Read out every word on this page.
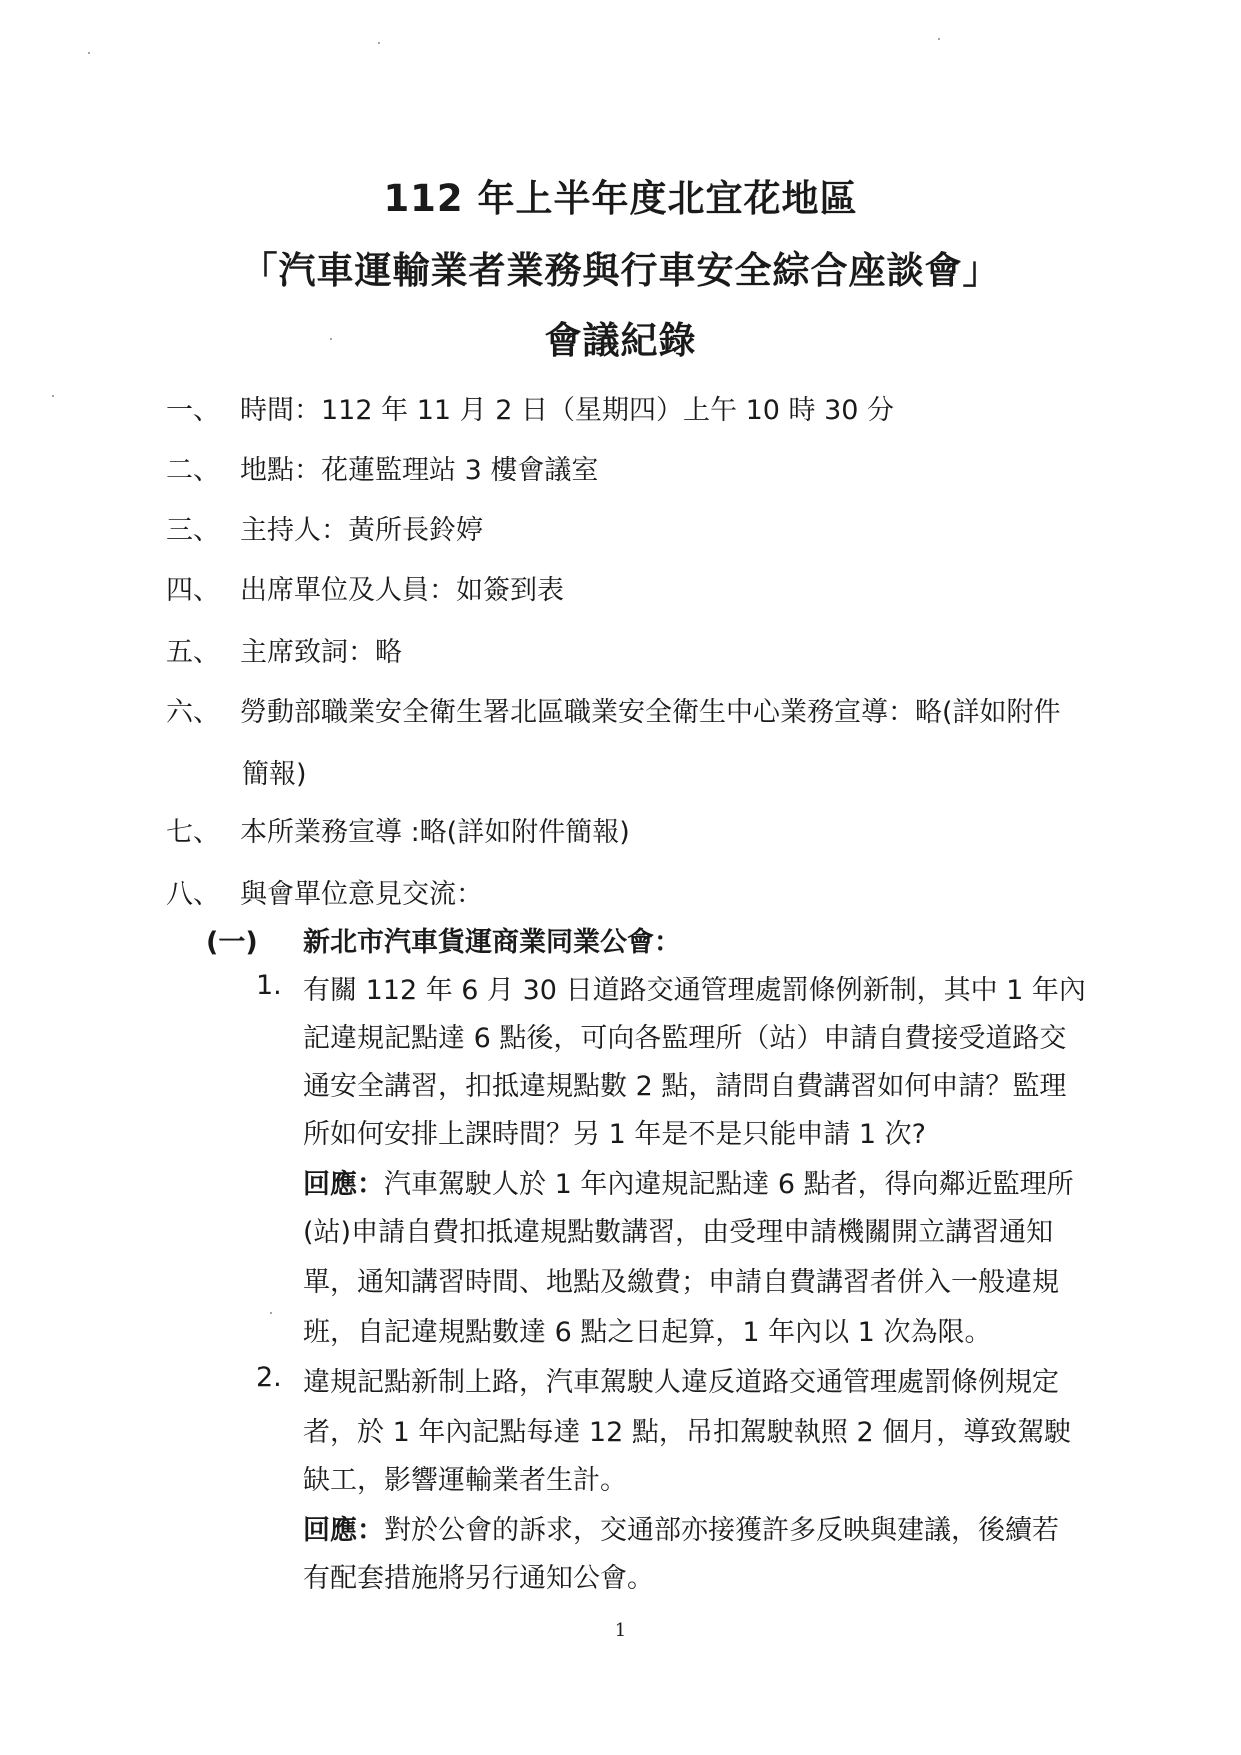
112 年上半年度北宜花地區
「汽車運輸業者業務與行車安全綜合座談會」
會議紀錄
一、 時間：112 年 11 月 2 日（星期四）上午 10 時 30 分
二、 地點：花蓮監理站 3 樓會議室
三、 主持人：黃所長鈴婷
四、 出席單位及人員：如簽到表
五、 主席致詞：略
六、 勞動部職業安全衛生署北區職業安全衛生中心業務宣導：略(詳如附件
簡報)
七、 本所業務宣導 :略(詳如附件簡報)
八、 與會單位意見交流：
(一) 新北市汽車貨運商業同業公會：
1. 有關 112 年 6 月 30 日道路交通管理處罰條例新制，其中 1 年內
記違規記點達 6 點後，可向各監理所（站）申請自費接受道路交
通安全講習，扣抵違規點數 2 點，請問自費講習如何申請？監理
所如何安排上課時間？另 1 年是不是只能申請 1 次?
回應：汽車駕駛人於 1 年內違規記點達 6 點者，得向鄰近監理所
(站)申請自費扣抵違規點數講習，由受理申請機關開立講習通知
單，通知講習時間、地點及繳費；申請自費講習者併入一般違規
班，自記違規點數達 6 點之日起算，1 年內以 1 次為限。
2. 違規記點新制上路，汽車駕駛人違反道路交通管理處罰條例規定
者，於 1 年內記點每達 12 點，吊扣駕駛執照 2 個月，導致駕駛
缺工，影響運輸業者生計。
回應：對於公會的訴求，交通部亦接獲許多反映與建議，後續若
有配套措施將另行通知公會。
1
